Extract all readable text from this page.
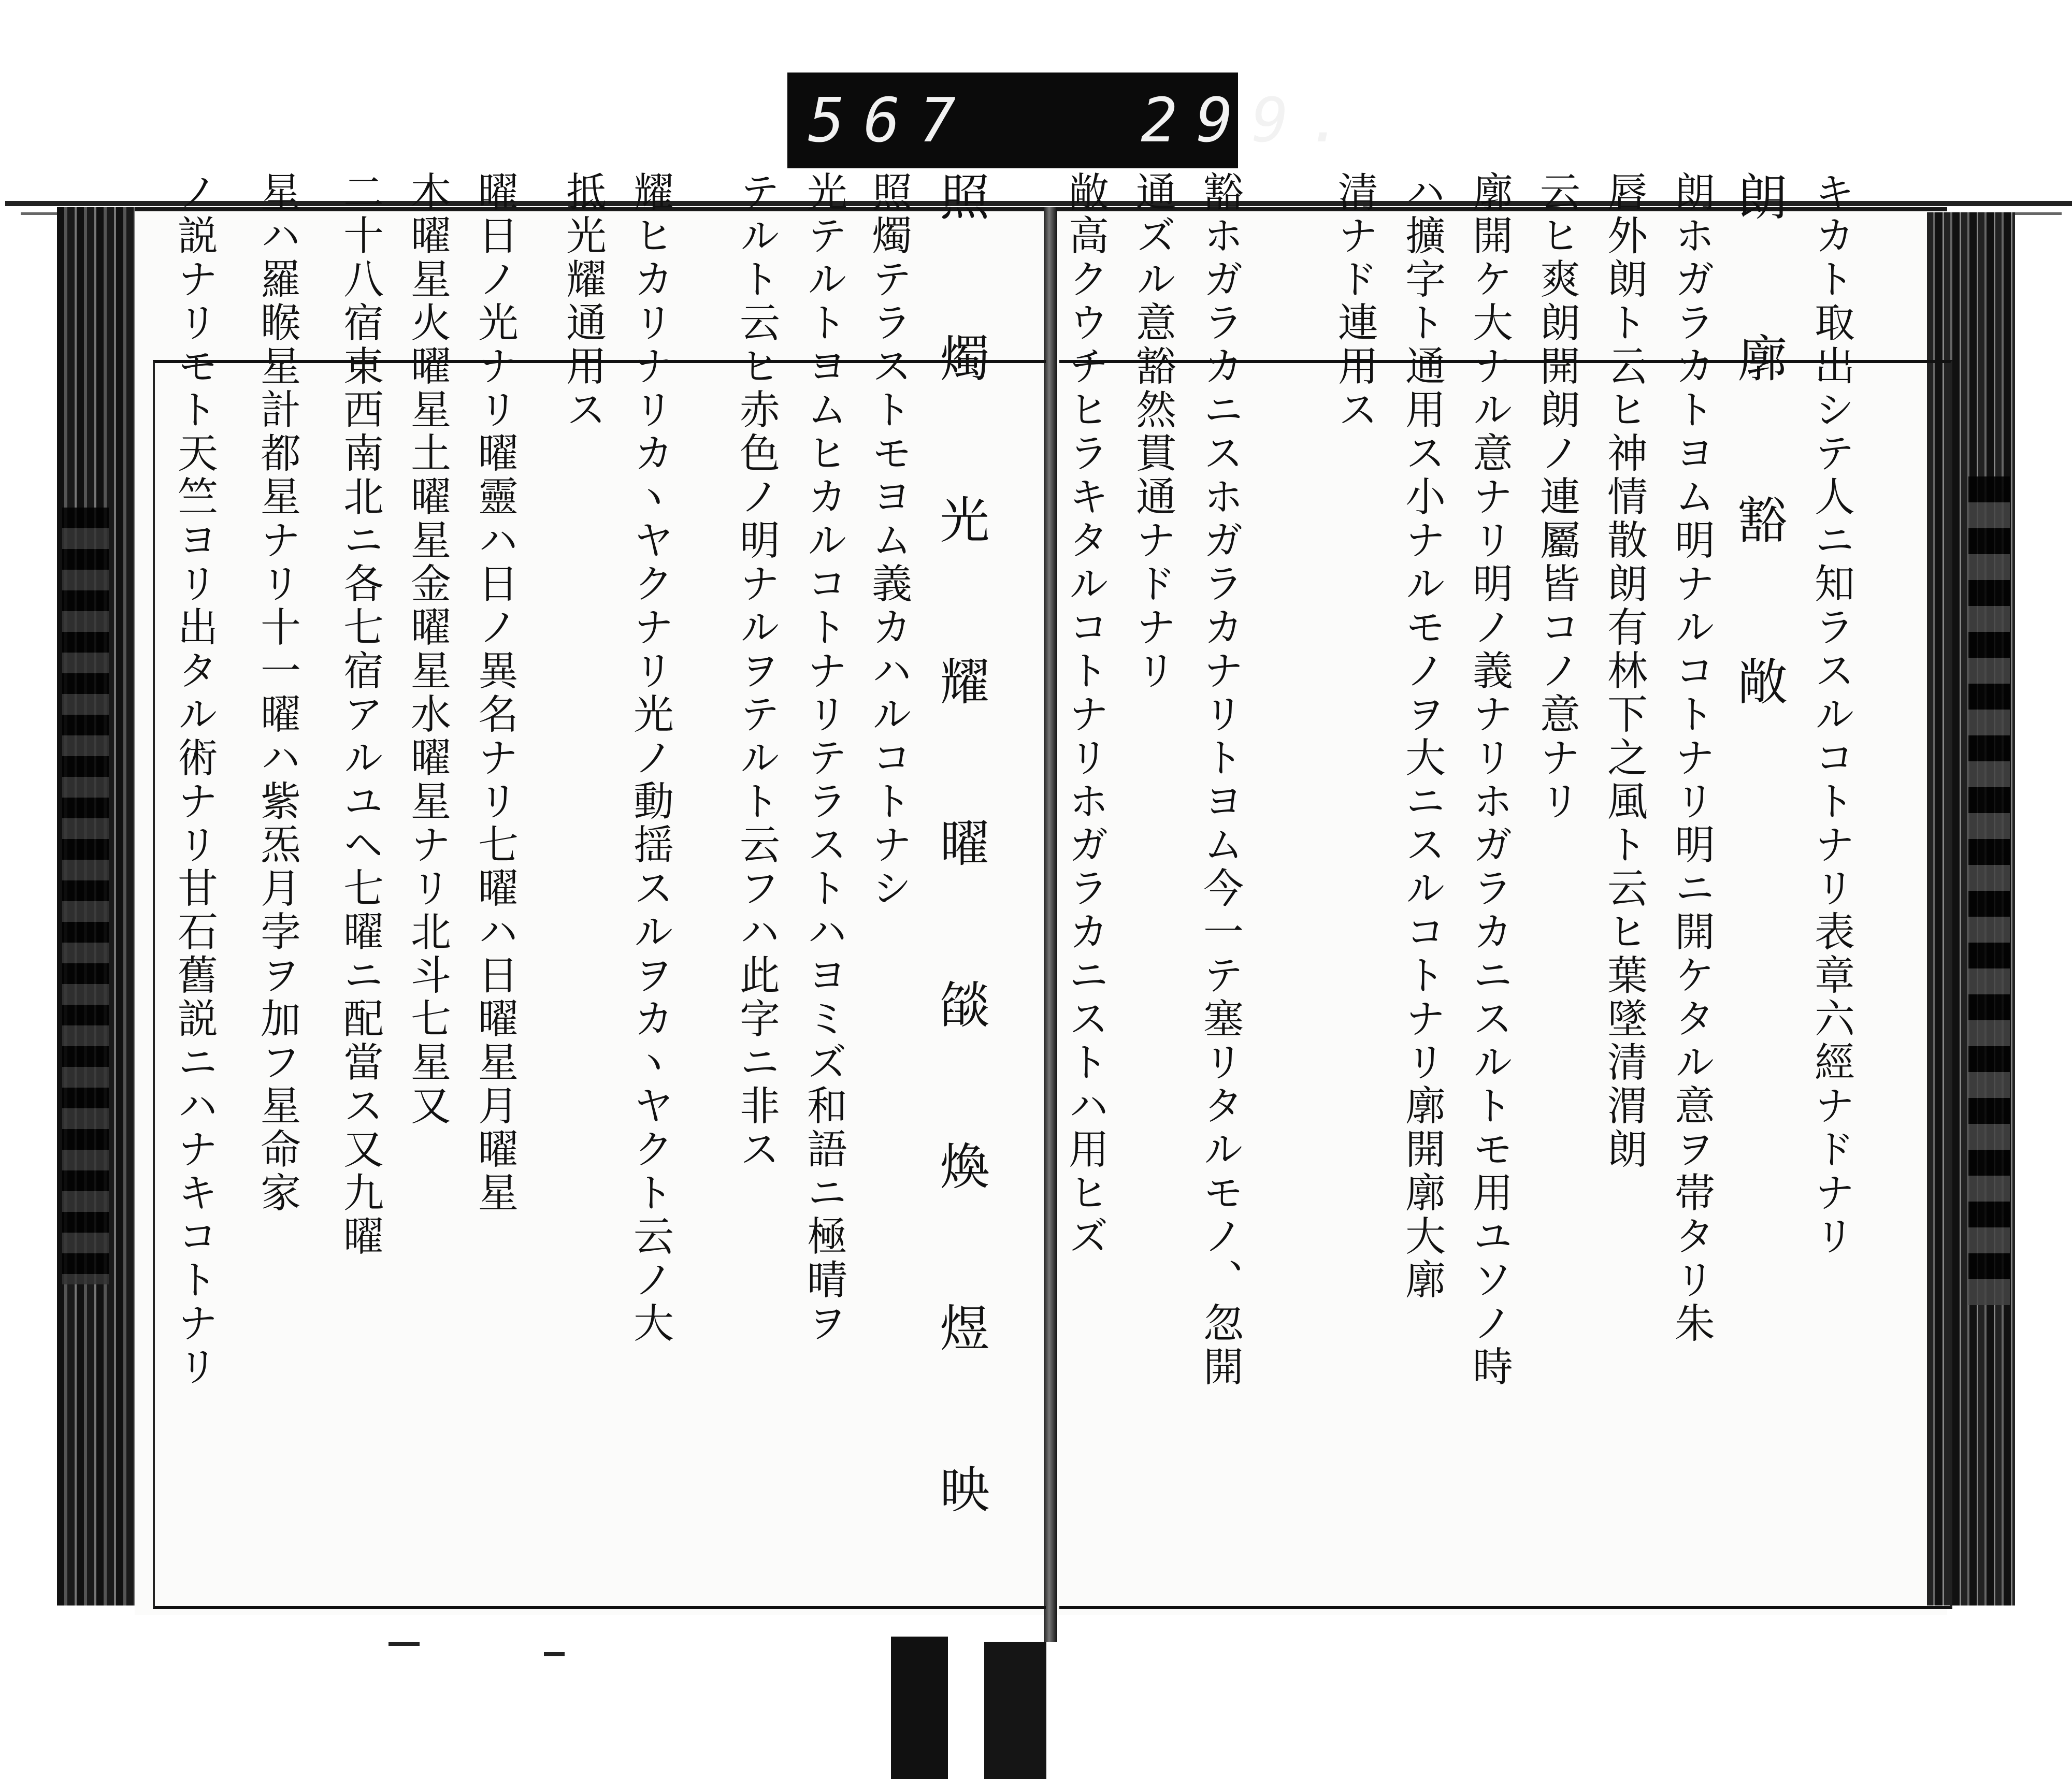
567   299.
キカト取出シテ人ニ知ラスルコトナリ表章六經ナドナリ
朗　廓　豁　敞
朗ホガラカトヨム明ナルコトナリ明ニ開ケタル意ヲ帯タリ朱
唇外朗ト云ヒ神情散朗有林下之風ト云ヒ葉墜清渭朗
云ヒ爽朗開朗ノ連屬皆コノ意ナリ
廓開ケ大ナル意ナリ明ノ義ナリホガラカニスルトモ用ユソノ時
ハ擴字ト通用ス小ナルモノヲ大ニスルコトナリ廓開廓大廓
清ナド連用ス
豁ホガラカニスホガラカナリトヨム今一テ塞リタルモノ、忽開
通ズル意豁然貫通ナドナリ
敞高クウチヒラキタルコトナリホガラカニストハ用ヒズ
照　燭　光　耀　曜　燄　煥　煜　映
照燭テラストモヨム義カハルコトナシ
光テルトヨムヒカルコトナリテラストハヨミズ和語ニ極晴ヲ
テルト云ヒ赤色ノ明ナルヲテルト云フハ此字ニ非ス
耀ヒカリナリカヽヤクナリ光ノ動揺スルヲカヽヤクト云ノ大
抵光耀通用ス
曜日ノ光ナリ曜靈ハ日ノ異名ナリ七曜ハ日曜星月曜星
木曜星火曜星土曜星金曜星水曜星ナリ北斗七星又
二十八宿東西南北ニ各七宿アルユヘ七曜ニ配當ス又九曜
星ハ羅睺星計都星ナリ十一曜ハ紫炁月孛ヲ加フ星命家
ノ説ナリモト天竺ヨリ出タル術ナリ甘石舊説ニハナキコトナリ
